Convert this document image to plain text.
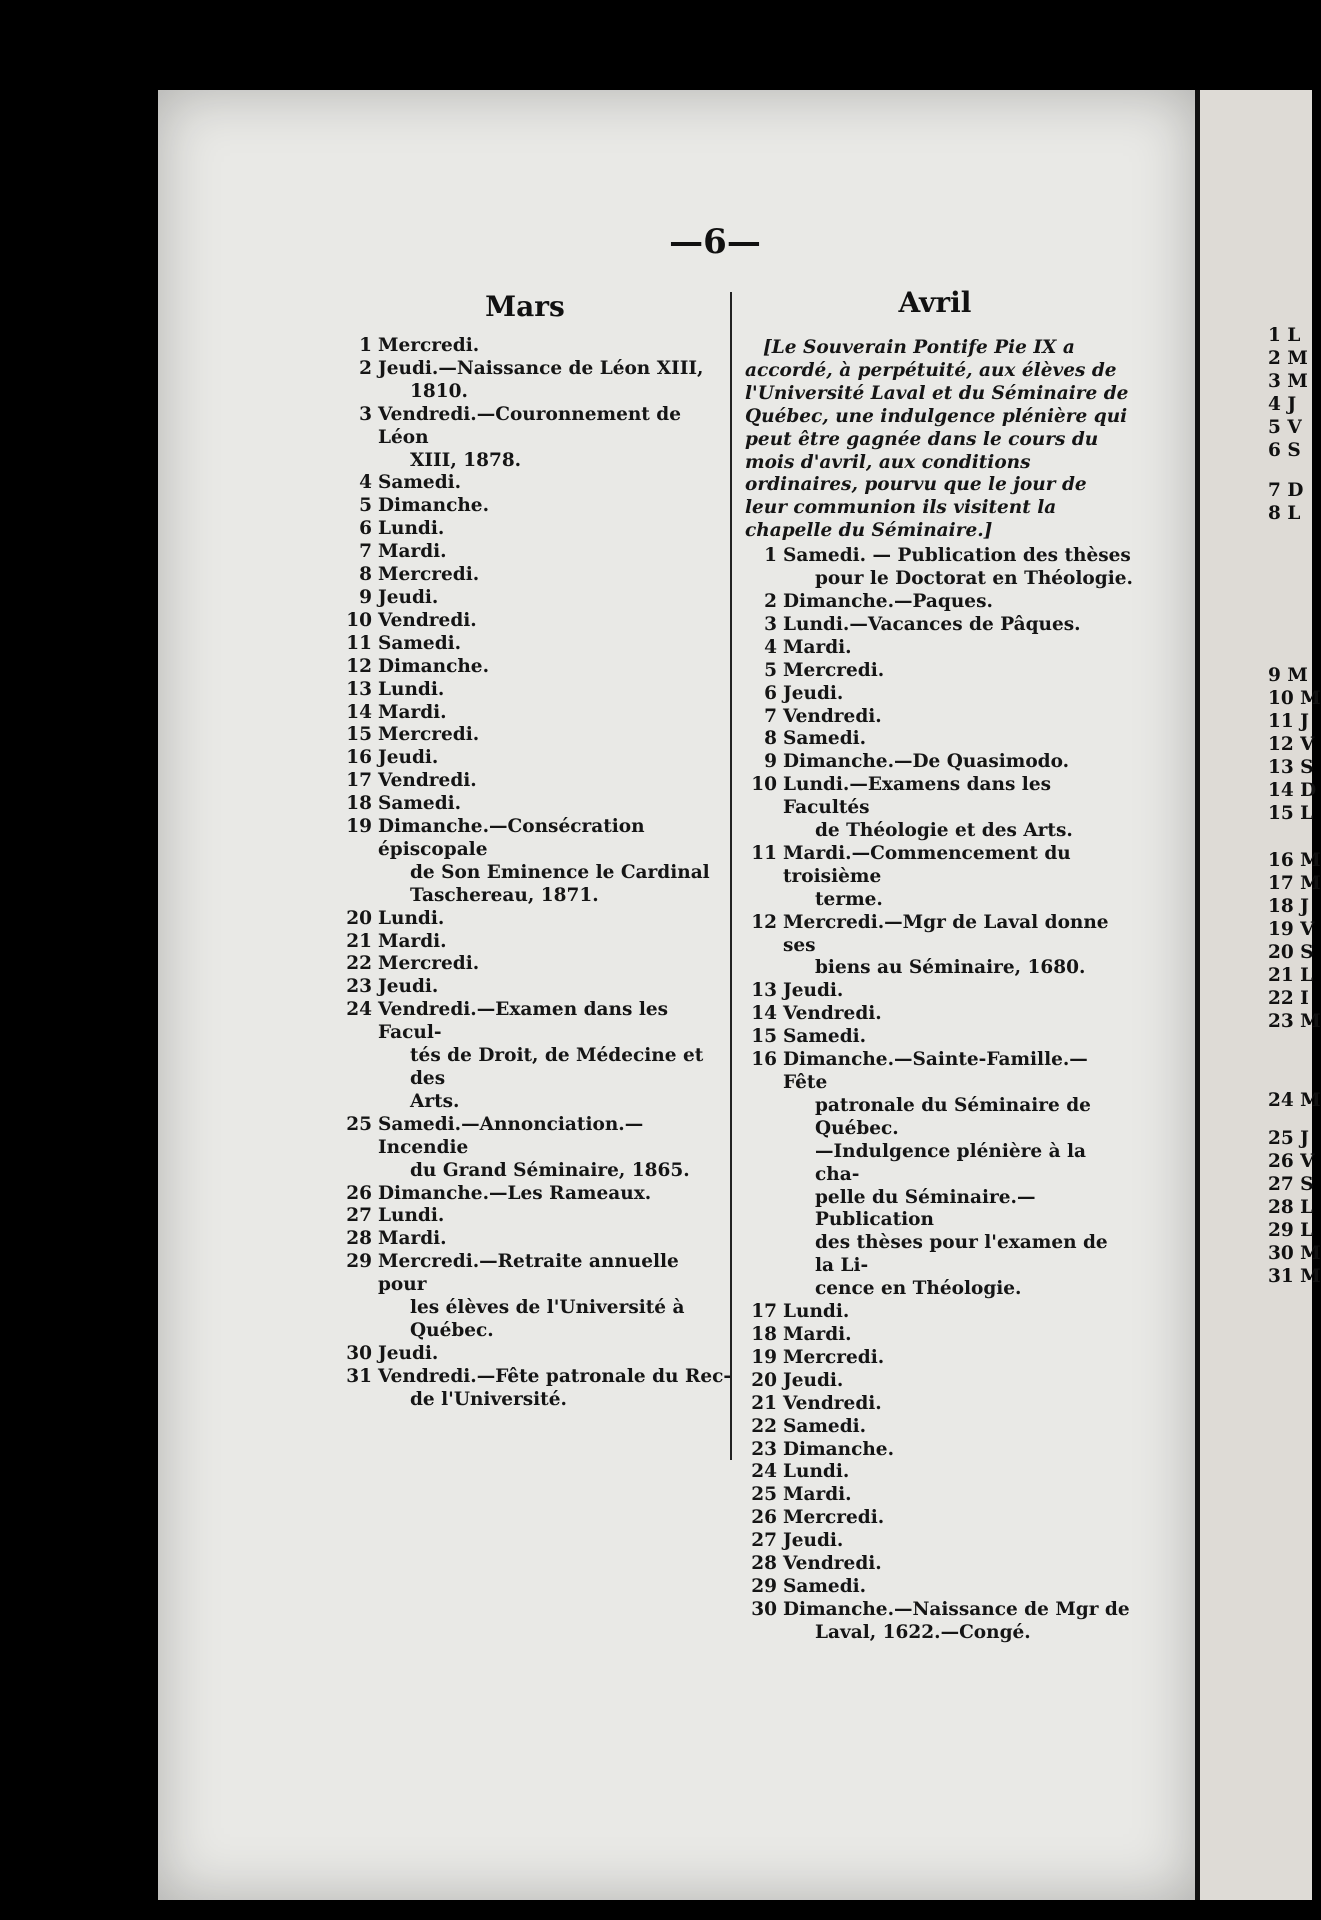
—6—
Mars	Avril
1 Mercredi.
2 Jeudi.—Naissance de Léon XIII,
1810.
3 Vendredi.—Couronnement de Léon
XIII, 1878.
4 Samedi.
5 Dimanche.
6 Lundi.
7 Mardi.
8 Mercredi.
9 Jeudi.
10 Vendredi.
11 Samedi.
12 Dimanche.
13 Lundi.
14 Mardi.
15 Mercredi.
16 Jeudi.
17 Vendredi.
18 Samedi.
19 Dimanche.—Consécration épiscopale
de Son Eminence le Cardinal
Taschereau, 1871.
20 Lundi.
21 Mardi.
22 Mercredi.
23 Jeudi.
24 Vendredi.—Examen dans les Facul-
tés de Droit, de Médecine et des
Arts.
25 Samedi.—Annonciation.—Incendie
du Grand Séminaire, 1865.
26 Dimanche.—Les Rameaux.
27 Lundi.
28 Mardi.
29 Mercredi.—Retraite annuelle pour
les élèves de l'Université à Québec.
30 Jeudi.
31 Vendredi.—Fête patronale du Rec-
de l'Université.
[Le Souverain Pontife Pie IX a accordé, à perpétuité, aux élèves de l'Université Laval et du Séminaire de Québec, une indulgence plénière qui peut être gagnée dans le cours du mois d'avril, aux conditions ordinaires, pourvu que le jour de leur communion ils visitent la chapelle du Séminaire.]
1 Samedi. — Publication des thèses
pour le Doctorat en Théologie.
2 Dimanche.—Paques.
3 Lundi.—Vacances de Pâques.
4 Mardi.
5 Mercredi.
6 Jeudi.
7 Vendredi.
8 Samedi.
9 Dimanche.—De Quasimodo.
10 Lundi.—Examens dans les Facultés
de Théologie et des Arts.
11 Mardi.—Commencement du troisième
terme.
12 Mercredi.—Mgr de Laval donne ses
biens au Séminaire, 1680.
13 Jeudi.
14 Vendredi.
15 Samedi.
16 Dimanche.—Sainte-Famille.— Fête
patronale du Séminaire de Québec.
—Indulgence plénière à la cha-
pelle du Séminaire.—Publication
des thèses pour l'examen de la Li-
cence en Théologie.
17 Lundi.
18 Mardi.
19 Mercredi.
20 Jeudi.
21 Vendredi.
22 Samedi.
23 Dimanche.
24 Lundi.
25 Mardi.
26 Mercredi.
27 Jeudi.
28 Vendredi.
29 Samedi.
30 Dimanche.—Naissance de Mgr de
Laval, 1622.—Congé.
1 L
2 M
3 M
4 J
5 V
6 S
7 D
8 L
9 M
10 M
11 J
12 V
13 S
14 D
15 L
16 M
17 M
18 J
19 V
20 S
21 L
22 I
23 M
24 M
25 J
26 V
27 S
28 L
29 L
30 M
31 M
